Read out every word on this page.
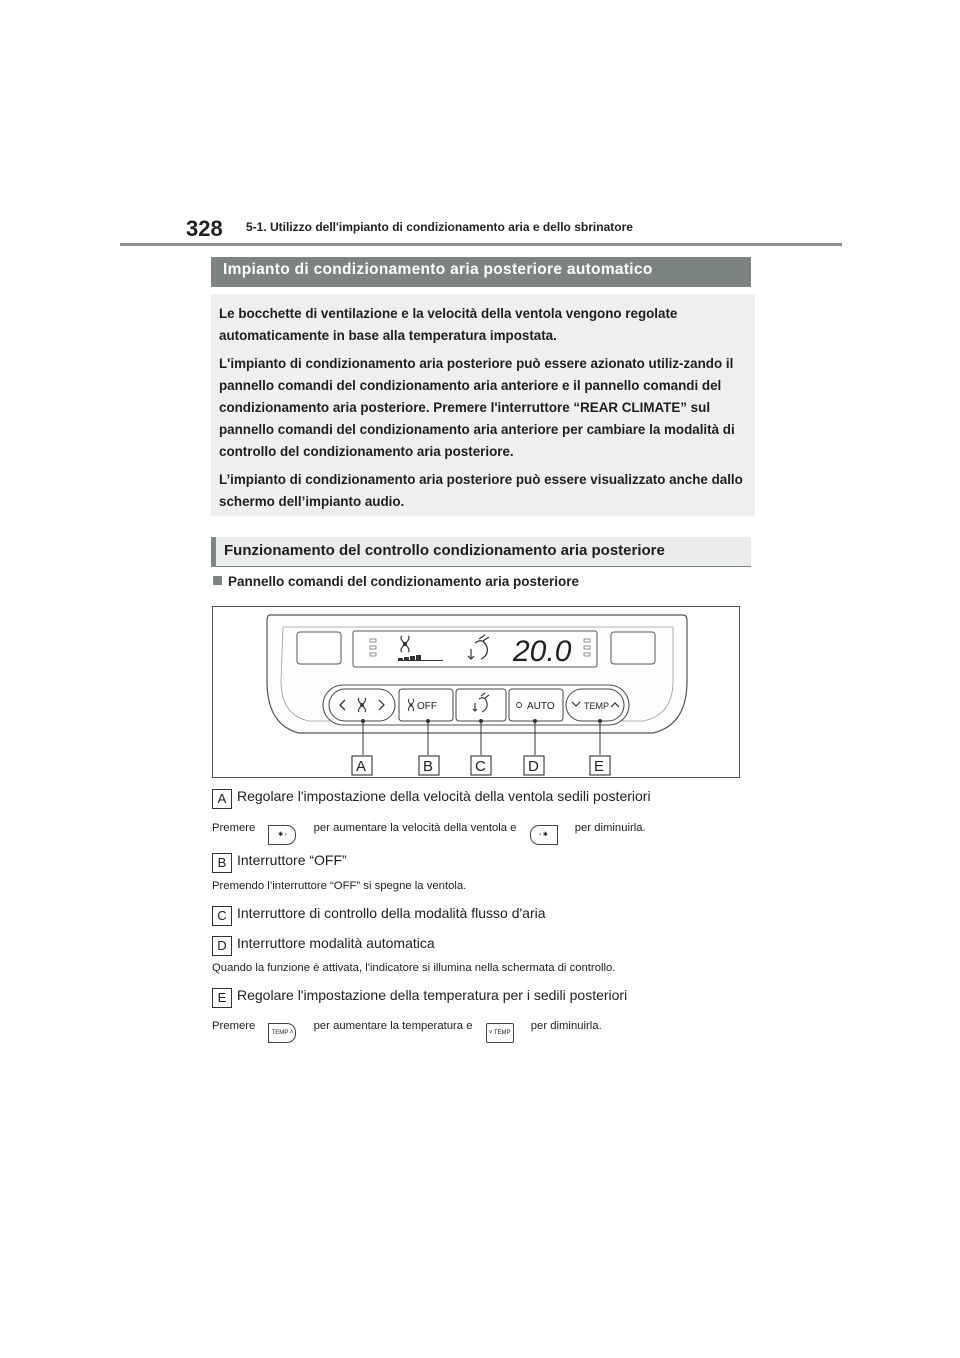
328 5-1. Utilizzo dell'impianto di condizionamento aria e dello sbrinatore
Impianto di condizionamento aria posteriore automatico

Le bocchette di ventilazione e la velocità della ventola vengono regolate automaticamente in base alla temperatura impostata.

L'impianto di condizionamento aria posteriore può essere azionato utiliz-zando il pannello comandi del condizionamento aria anteriore e il pannello comandi del condizionamento aria posteriore. Premere l'interruttore “REAR CLIMATE” sul pannello comandi del condizionamento aria anteriore per cambiare la modalità di controllo del condizionamento aria posteriore.

L’impianto di condizionamento aria posteriore può essere visualizzato anche dallo schermo dell’impianto audio.

Funzionamento del controllo condizionamento aria posteriore
Pannello comandi del condizionamento aria posteriore
20.0
OFF	AUTO	TEMP
A	B	C	D	E
A Regolare l'impostazione della velocità della ventola sedili posteriori
Premere ✱ › per aumentare la velocità della ventola e ‹ ✱ per diminuirla.
B Interruttore “OFF”
Premendo l’interruttore “OFF” si spegne la ventola.
C Interruttore di controllo della modalità flusso d'aria
D Interruttore modalità automatica
Quando la funzione è attivata, l'indicatore si illumina nella schermata di controllo.
E Regolare l'impostazione della temperatura per i sedili posteriori
Premere TEMP ˄ per aumentare la temperatura e ˅ TEMP per diminuirla.
